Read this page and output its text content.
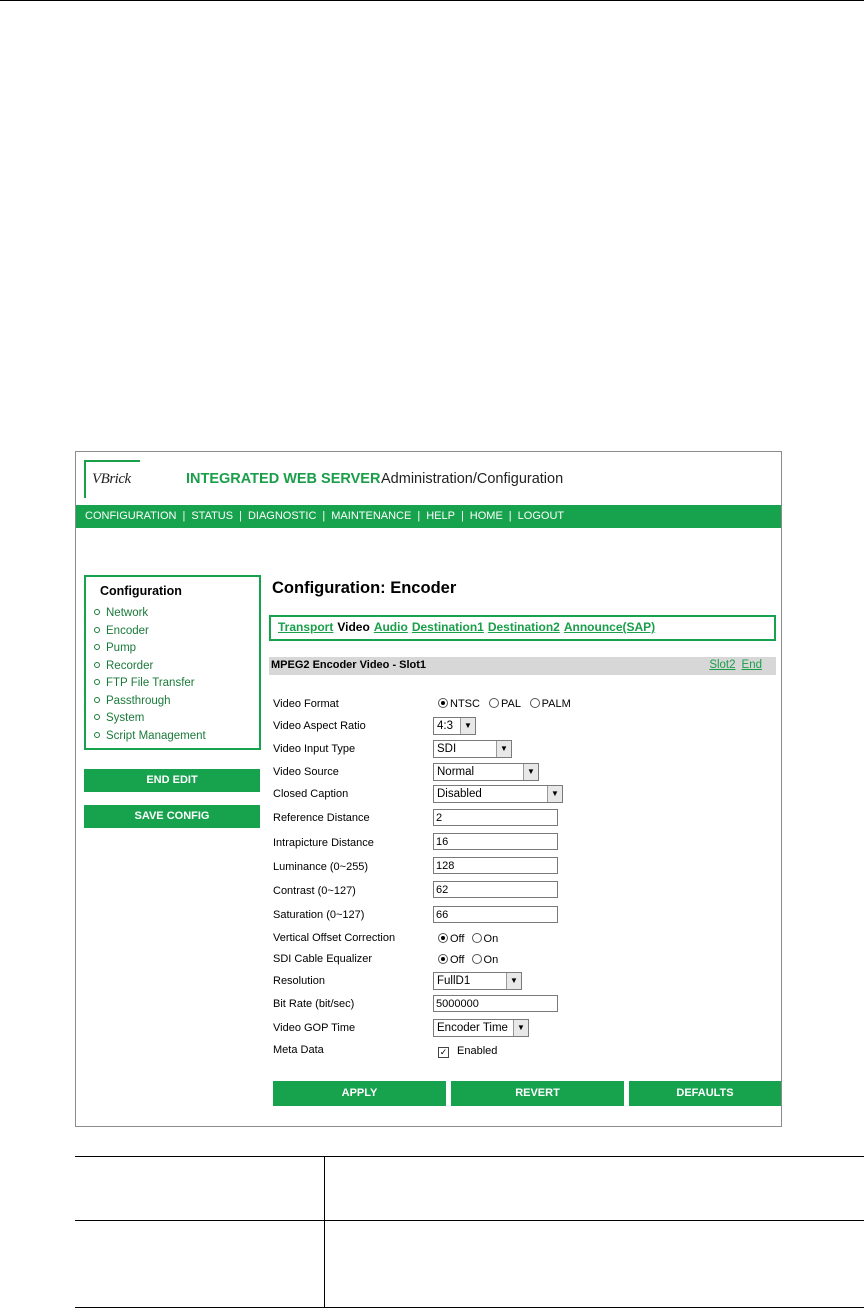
VBrick	INTEGRATED WEB SERVER Administration/Configuration
CONFIGURATION | STATUS | DIAGNOSTIC | MAINTENANCE | HELP | HOME | LOGOUT
Configuration
Network
Encoder
Pump
Recorder
FTP File Transfer
Passthrough
System
Script Management
END EDIT
SAVE CONFIG
Configuration: Encoder
Transport Video Audio Destination1 Destination2 Announce(SAP)
MPEG2 Encoder Video - Slot1	Slot2 End
Video Format	NTSC PAL PALM
Video Aspect Ratio	4:3	▼
Video Input Type	SDI	▼
Video Source	Normal	▼
Closed Caption	Disabled	▼
Reference Distance	2
Intrapicture Distance	16
Luminance (0~255)	128
Contrast (0~127)	62
Saturation (0~127)	66
Vertical Offset Correction	Off On
SDI Cable Equalizer	Off On
Resolution	FullD1	▼
Bit Rate (bit/sec)	5000000
Video GOP Time	Encoder Time	▼
Meta Data	✓ Enabled
APPLY	REVERT	DEFAULTS
